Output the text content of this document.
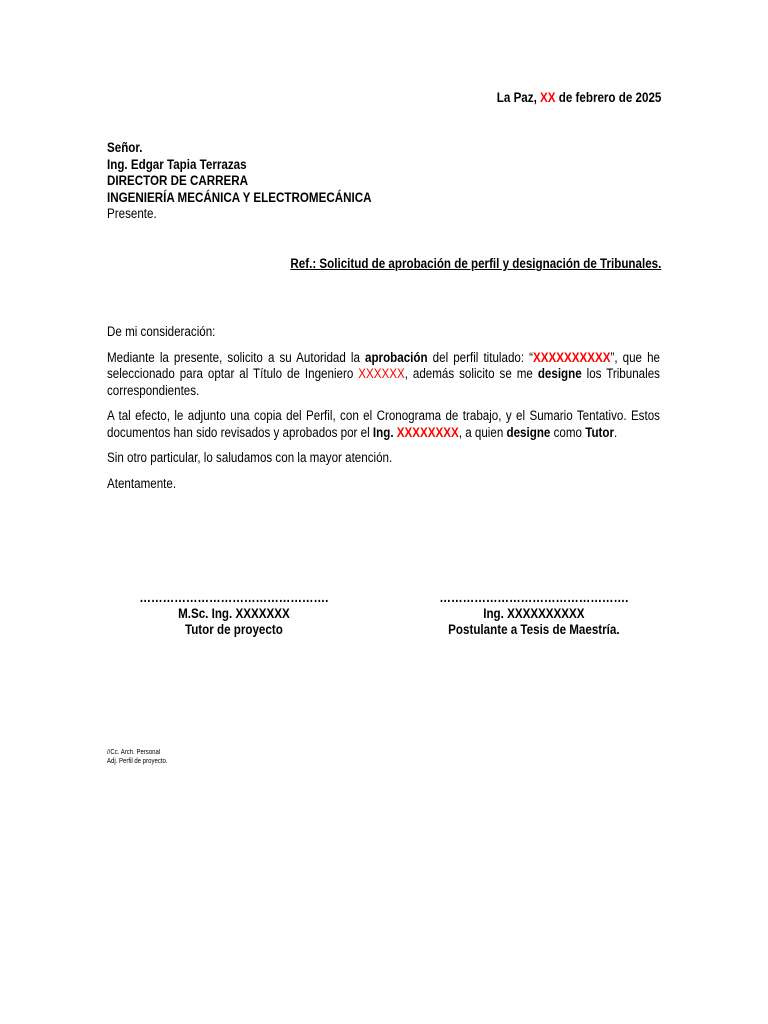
La Paz, XX de febrero de 2025
Señor.
Ing. Edgar Tapia Terrazas
DIRECTOR DE CARRERA
INGENIERÍA MECÁNICA Y ELECTROMECÁNICA
Presente.
Ref.: Solicitud de aprobación de perfil y designación de Tribunales.

De mi consideración:

Mediante la presente, solicito a su Autoridad la aprobación del perfil titulado: “XXXXXXXXXX”, que he seleccionado para optar al Título de Ingeniero XXXXXX, además solicito se me designe los Tribunales correspondientes.

A tal efecto, le adjunto una copia del Perfil, con el Cronograma de trabajo, y el Sumario Tentativo. Estos documentos han sido revisados y aprobados por el Ing. XXXXXXXX, a quien designe como Tutor.

Sin otro particular, lo saludamos con la mayor atención.

Atentamente.

………………………………………….
M.Sc. Ing. XXXXXXX
Tutor de proyecto
………………………………………….
Ing. XXXXXXXXXX
Postulante a Tesis de Maestría.
//Cc. Arch. Personal
Adj. Perfil de proyecto.
